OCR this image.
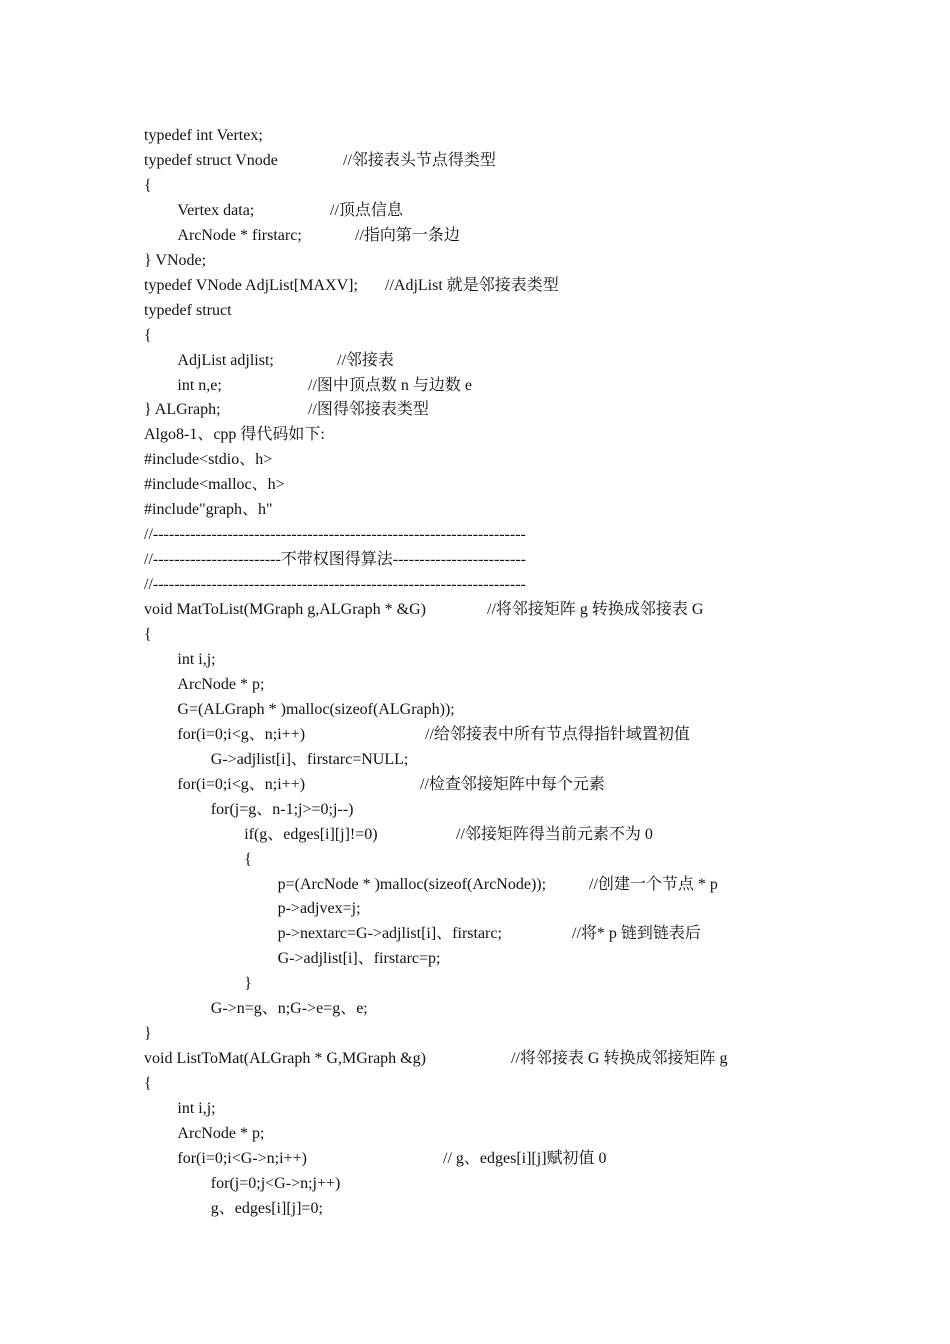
typedef int Vertex;
typedef struct Vnode	//邻接表头节点得类型
{
Vertex data;	//顶点信息
ArcNode * firstarc;	//指向第一条边
} VNode;
typedef VNode AdjList[MAXV]; //AdjList 就是邻接表类型
typedef struct
{
AdjList adjlist;	//邻接表
int n,e;	//图中顶点数 n 与边数 e
} ALGraph;	//图得邻接表类型
Algo8-1、cpp 得代码如下:
#include<stdio、h>
#include<malloc、h>
#include"graph、h"
//----------------------------------------------------------------------
//------------------------不带权图得算法-------------------------
//----------------------------------------------------------------------
void MatToList(MGraph g,ALGraph * &G)	//将邻接矩阵 g 转换成邻接表 G
{
int i,j;
ArcNode * p;
G=(ALGraph * )malloc(sizeof(ALGraph));
for(i=0;i<g、n;i++)	//给邻接表中所有节点得指针域置初值
G->adjlist[i]、firstarc=NULL;
for(i=0;i<g、n;i++)	//检查邻接矩阵中每个元素
for(j=g、n-1;j>=0;j--)
if(g、edges[i][j]!=0)	//邻接矩阵得当前元素不为 0
{
p=(ArcNode * )malloc(sizeof(ArcNode));	//创建一个节点 * p
p->adjvex=j;
p->nextarc=G->adjlist[i]、firstarc;	//将* p 链到链表后
G->adjlist[i]、firstarc=p;
}
G->n=g、n;G->e=g、e;
}
void ListToMat(ALGraph * G,MGraph &g)	//将邻接表 G 转换成邻接矩阵 g
{
int i,j;
ArcNode * p;
for(i=0;i<G->n;i++)	// g、edges[i][j]赋初值 0
for(j=0;j<G->n;j++)
g、edges[i][j]=0;
